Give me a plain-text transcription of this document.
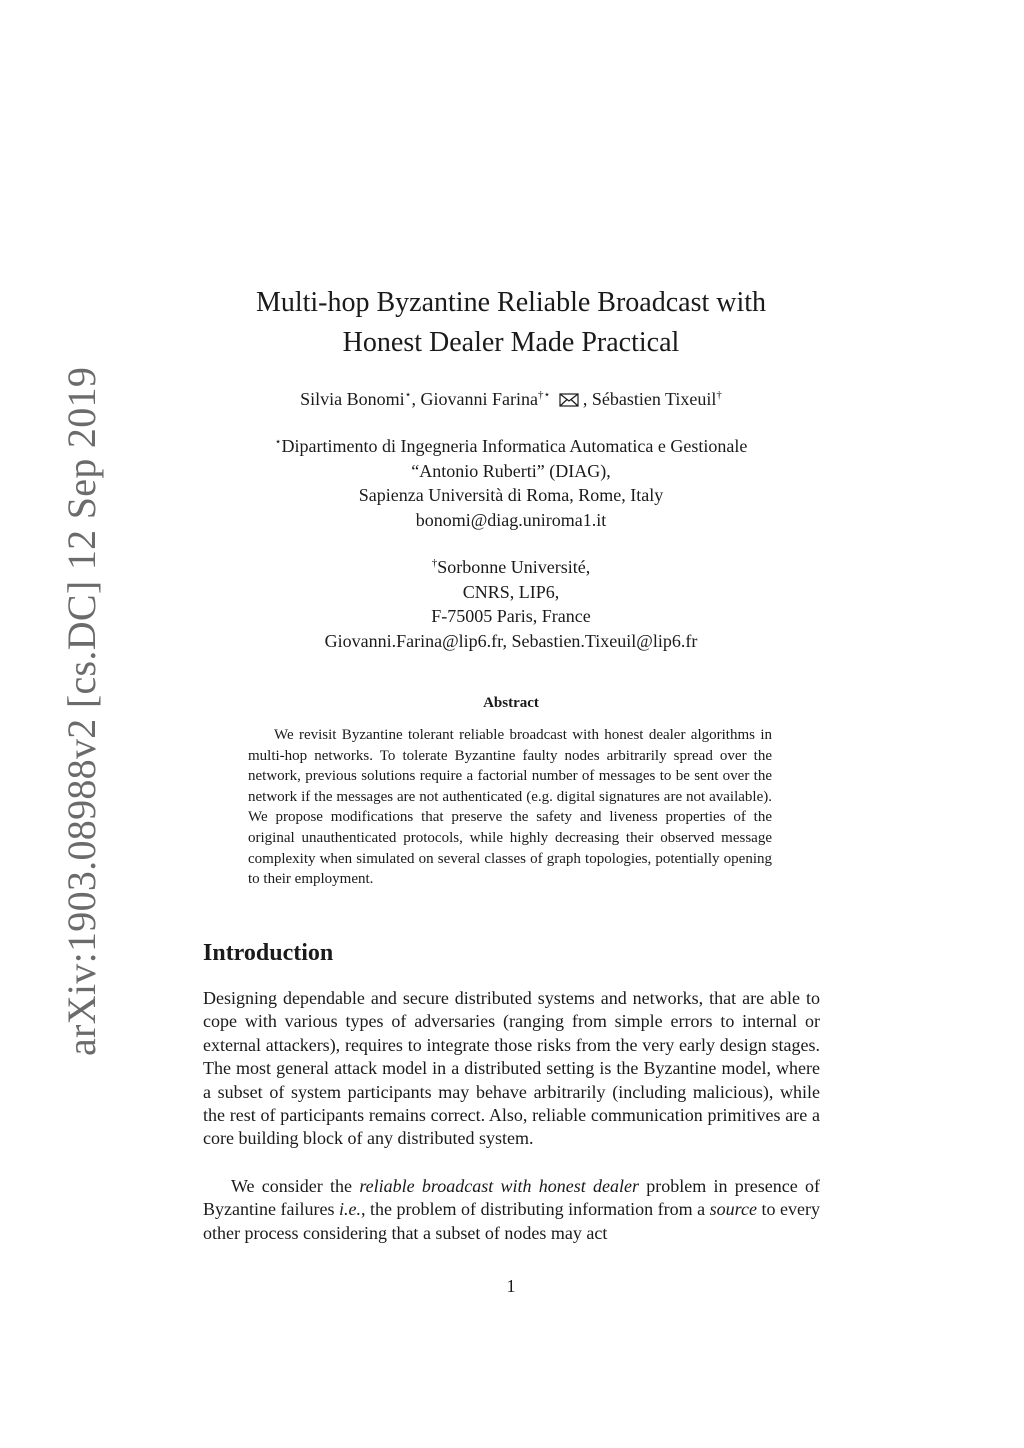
arXiv:1903.08988v2 [cs.DC] 12 Sep 2019
Multi-hop Byzantine Reliable Broadcast with
Honest Dealer Made Practical
Silvia Bonomi⋆, Giovanni Farina†⋆ , Sébastien Tixeuil†
⋆Dipartimento di Ingegneria Informatica Automatica e Gestionale
“Antonio Ruberti” (DIAG),
Sapienza Università di Roma, Rome, Italy
bonomi@diag.uniroma1.it
†Sorbonne Université,
CNRS, LIP6,
F-75005 Paris, France
Giovanni.Farina@lip6.fr, Sebastien.Tixeuil@lip6.fr
Abstract

We revisit Byzantine tolerant reliable broadcast with honest dealer algorithms in multi-hop networks. To tolerate Byzantine faulty nodes arbitrarily spread over the network, previous solutions require a factorial number of messages to be sent over the network if the messages are not authenticated (e.g. digital signatures are not available). We propose modifications that preserve the safety and liveness properties of the original unauthenticated protocols, while highly decreasing their observed message complexity when simulated on several classes of graph topologies, potentially opening to their employment.

Introduction

Designing dependable and secure distributed systems and networks, that are able to cope with various types of adversaries (ranging from simple errors to internal or external attackers), requires to integrate those risks from the very early design stages. The most general attack model in a distributed setting is the Byzantine model, where a subset of system participants may behave arbitrarily (including malicious), while the rest of participants remains correct. Also, reliable communication primitives are a core building block of any distributed system.

We consider the reliable broadcast with honest dealer problem in presence of Byzantine failures i.e., the problem of distributing information from a source to every other process considering that a subset of nodes may act

1
